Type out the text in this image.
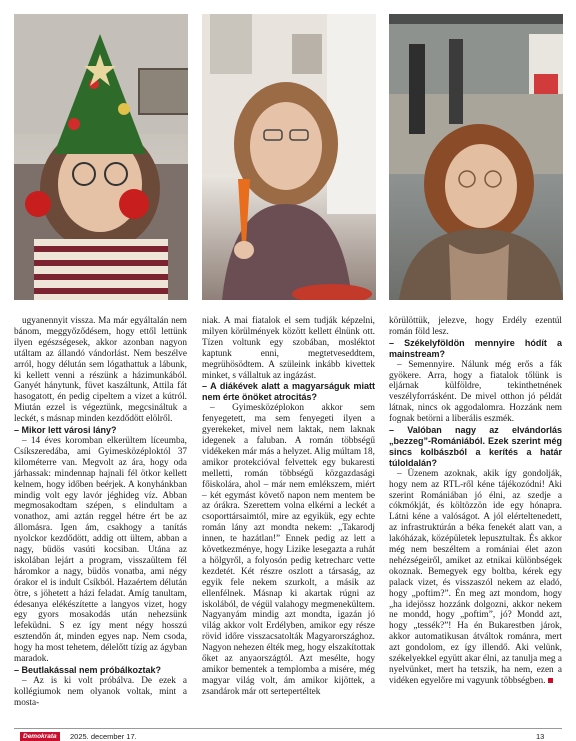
ugyanennyit vissza. Ma már egyáltalán nem bánom, meggyőződésem, hogy ettől lettünk ilyen egészségesek, akkor azonban nagyon utáltam az állandó vándorlást. Nem beszélve arról, hogy délután sem lógathattuk a lábunk, ki kellett venni a részünk a házimunkából. Ganyét hánytunk, füvet kaszáltunk, Attila fát hasogatott, én pedig cipeltem a vizet a kútról. Miután ezzel is végeztünk, megcsináltuk a leckét, s másnap minden kezdődött elölről.

– Mikor lett városi lány?

– 14 éves koromban elkerültem líceumba, Csíkszeredába, ami Gyimesközéploktól 37 kilométerre van. Megvolt az ára, hogy oda járhassak: mindennap hajnali fél ötkor kellett kelnem, hogy időben beérjek. A konyhánkban mindig volt egy lavór jéghideg víz. Abban megmosakodtam szépen, s elindultam a vonathoz, ami aztán reggel hétre ért be az állomásra. Igen ám, csakhogy a tanítás nyolckor kezdődött, addig ott ültem, abban a nagy, büdös vasúti kocsiban. Utána az iskolában lejárt a program, visszaültem fél háromkor a nagy, büdös vonatba, ami négy órakor el is indult Csíkból. Hazaértem délután ötre, s jöhetett a házi feladat. Amíg tanultam, édesanya elékészítette a langyos vizet, hogy egy gyors mosakodás után nehezsünk lefeküdni. S ez így ment négy hosszú esztendőn át, minden egyes nap. Nem csoda, hogy ha most tehetem, délelőtt tízig az ágyban maradok.

– Beutlakással nem próbálkoztak?

– Az is ki volt próbálva. De ezek a kollégiumok nem olyanok voltak, mint a mosta-

niak. A mai fiatalok el sem tudják képzelni, milyen körülmények között kellett élnünk ott. Tízen voltunk egy szobában, mosléktot kaptunk enni, megtetveseddtem, megrühösödtem. A szüleink inkább kivettek minket, s vállaltuk az ingázást.

– A diákévek alatt a magyarságuk miatt nem érte önöket atrocitás?

– Gyimesközéplokon akkor sem fenyegetett, ma sem fenyegeti ilyen a gyerekeket, mivel nem laktak, nem laknak idegenek a faluban. A román többségű vidékeken már más a helyzet. Alig múltam 18, amikor protekcióval felvettek egy bukaresti melletti, román többségű közgazdasági főiskolára, ahol – már nem emlékszem, miért – két egymást követő napon nem mentem be az órákra. Szerettem volna elkérni a leckét a csoporttársaimtól, mire az egyikük, egy echte román lány azt mondta nekem: „Takarodj innen, te hazátlan!” Ennek pedig az lett a következménye, hogy Lizike lesegazta a ruhát a hölgyről, a folyosón pedig ketrecharc vette kezdetét. Két részre oszlott a társaság, az egyik fele nekem szurkolt, a másik az ellenfélnek. Másnap ki akartak rúgni az iskolából, de végül valahogy megmenekültem. Nagyanyám mindig azt mondta, igazán jó világ akkor volt Erdélyben, amikor egy része rövid időre visszacsatolták Magyarországhoz. Nagyon nehezen élték meg, hogy elszakítottak őket az anyaországtól. Azt mesélte, hogy amikor bementek a templomba a misére, még magyar világ volt, ám amikor kijöttek, a zsandárok már ott sertepertéltek

körülöttük, jelezve, hogy Erdély ezentúl román föld lesz.

– Székelyföldön mennyire hódít a mainstream?

– Semennyire. Nálunk még erős a fák gyökere. Arra, hogy a fiatalok tőlünk is eljárnak külföldre, tekinthetnének veszélyforrásként. De mivel otthon jó példát látnak, nincs ok aggodalomra. Hozzánk nem fognak betörni a liberális eszmék.

– Valóban nagy az elvándorlás „bezzeg”-Romániából. Ezek szerint még sincs kolbászból a kerítés a határ túloldalán?

– Üzenem azoknak, akik így gondolják, hogy nem az RTL-ről kéne tájékozódni! Aki szerint Romániában jó élni, az szedje a cókmókját, és költözzön ide egy hónapra. Látni kéne a valóságot. A jól elérteltenedett, az infrastruktúrán a béka fenekét alatt van, a lakóházak, középületek lepusztultak. És akkor még nem beszéltem a romániai élet azon nehézségeiről, amiket az etnikai különbségek okoznak. Bemegyek egy boltba, kérek egy palack vizet, és visszaszól nekem az eladó, hogy „poftim?”. Én meg azt mondom, hogy „ha idejössz hozzánk dolgozni, akkor nekem ne mondd, hogy „poftim”, jó? Mondd azt, hogy „tessék?”! Ha én Bukarestben járok, akkor automatikusan átváltok románra, mert azt gondolom, ez így illendő. Aki velünk, székelyekkel együtt akar élni, az tanulja meg a nyelvünket, mert ha tetszik, ha nem, ezen a vidéken egyelőre mi vagyunk többségben.

Demokrata	2025. december 17.	13
